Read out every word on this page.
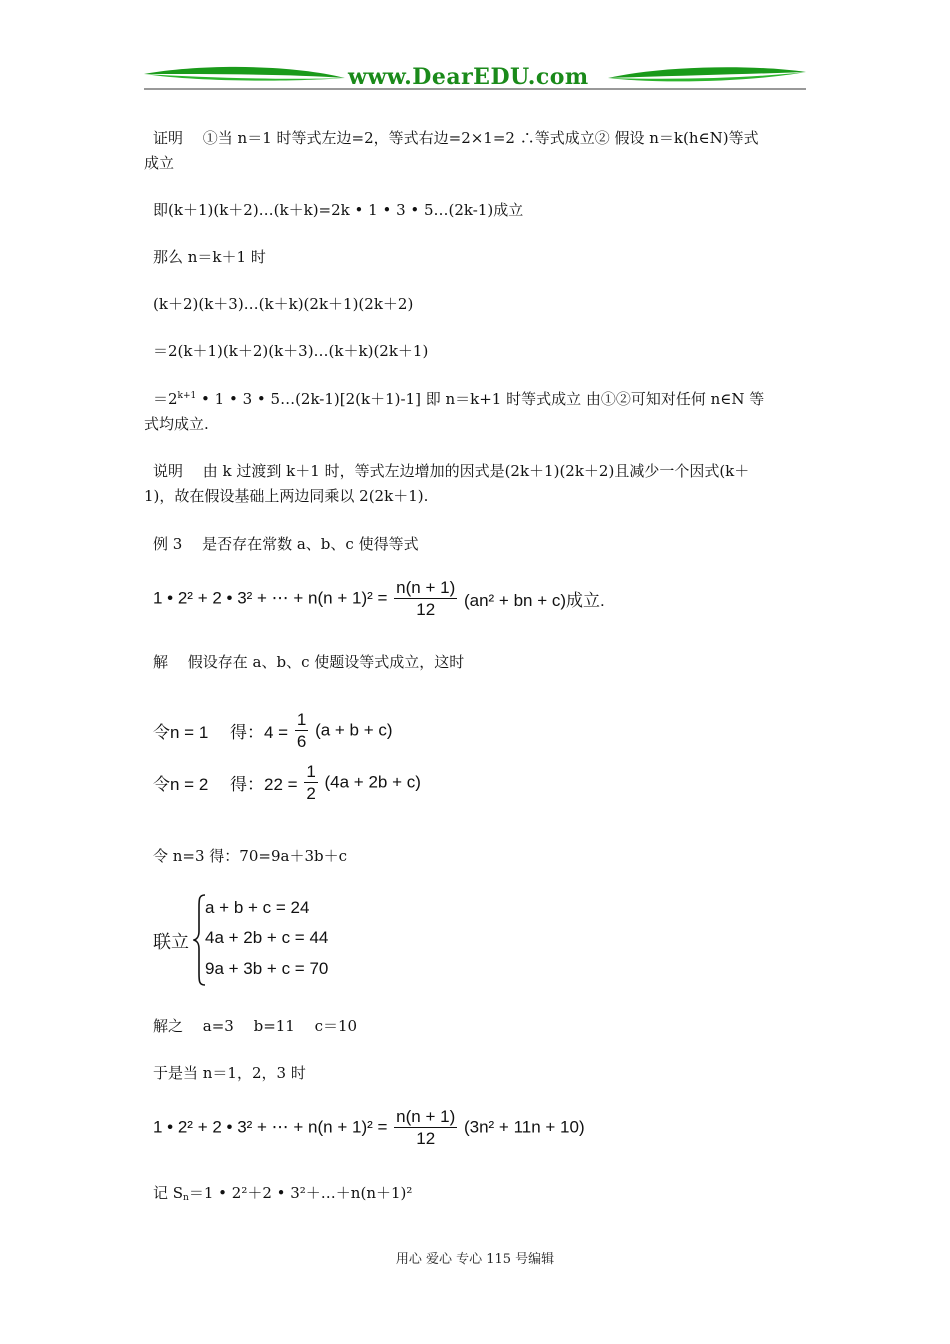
www.DearEDU.com
证明　 ①当 n＝1 时等式左边=2，等式右边=2×1=2 ∴等式成立② 假设 n＝k(h∈N)等式
成立
即(k＋1)(k＋2)…(k＋k)=2k • 1 • 3 • 5…(2k-1)成立
那么 n＝k＋1 时
(k＋2)(k＋3)…(k＋k)(2k＋1)(2k＋2)
＝2(k＋1)(k＋2)(k＋3)…(k＋k)(2k＋1)
$=2^{k+1}$ • 1 • 3 • 5…(2k-1)[2(k＋1)-1] 即 n＝k+1 时等式成立 由①②可知对任何 n∈N 等
式均成立.
说明　 由 k 过渡到 k＋1 时，等式左边增加的因式是(2k＋1)(2k＋2)且减少一个因式(k＋
1)，故在假设基础上两边同乘以 2(2k＋1).
例 3　 是否存在常数 a、b、c 使得等式
1 • 2² + 2 • 3² + ⋯ + $n(n + 1)^2 = \frac{n(n + 1)}{12} (an^2$ + bn + c)成立.
解　 假设存在 a、b、c 使题设等式成立，这时
令n = 1　 得：$4 = \frac{1}{6} (a + b + c)$
令n = 2　 得：$22 = \frac{1}{2} (4a + 2b + c)$
令 n=3 得：70=9a＋3b＋c
联立
a + b + c = 24
4a + 2b + c = 44
9a + 3b + c = 70
解之　 a=3　 b=11　 c＝10
于是当 n＝1，2，3 时
1 • 2² + 2 • 3² + ⋯ + $n(n + 1)^2 = \frac{n(n + 1)}{12} (3n^2 + 11n + 10)$
记 $S_n=1$ • 2²＋2 • 3²＋…＋n(n＋1)²
用心 爱心 专心 115 号编辑
